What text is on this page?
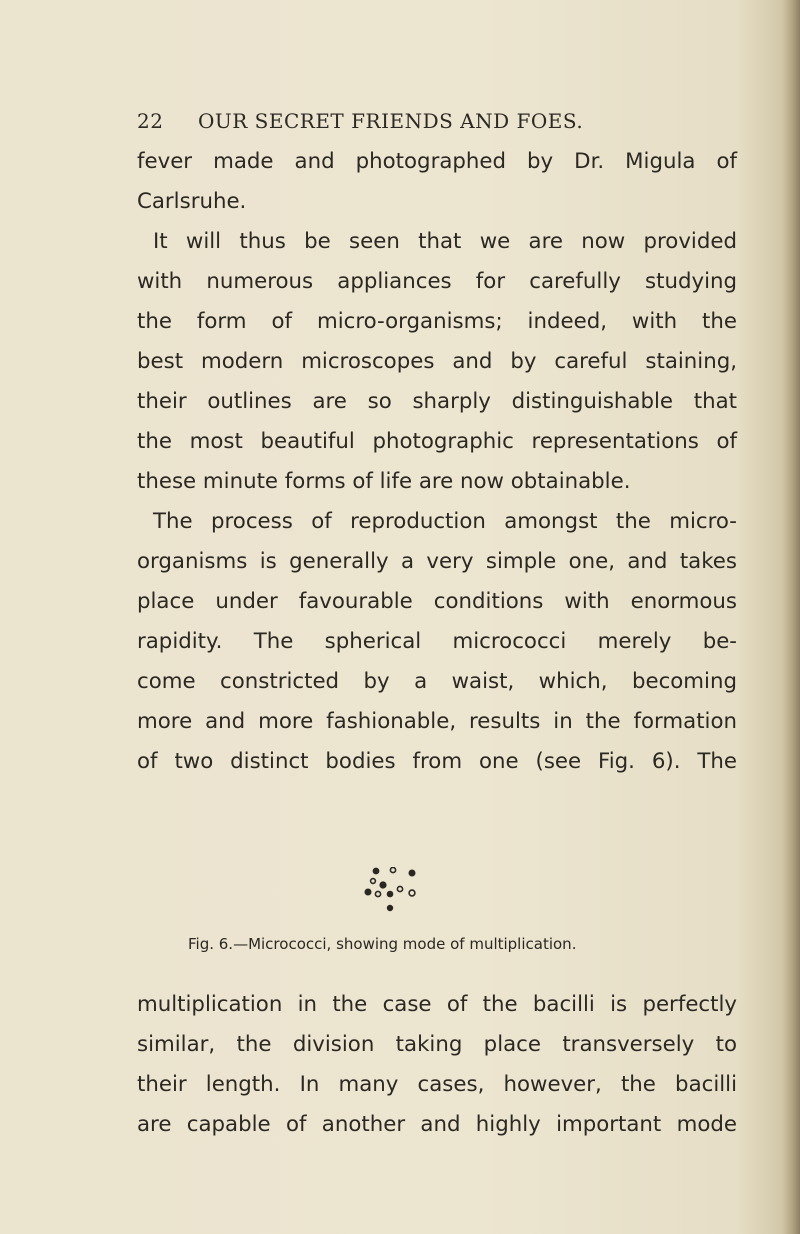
22 OUR SECRET FRIENDS AND FOES.
fever made and photographed by Dr. Migula of
Carlsruhe.
It will thus be seen that we are now provided
with numerous appliances for carefully studying
the form of micro-organisms; indeed, with the
best modern microscopes and by careful staining,
their outlines are so sharply distinguishable that
the most beautiful photographic representations of
these minute forms of life are now obtainable.
The process of reproduction amongst the micro-
organisms is generally a very simple one, and takes
place under favourable conditions with enormous
rapidity. The spherical micrococci merely be-
come constricted by a waist, which, becoming
more and more fashionable, results in the formation
of two distinct bodies from one (see Fig. 6). The
Fig. 6.—Micrococci, showing mode of multiplication.
multiplication in the case of the bacilli is perfectly
similar, the division taking place transversely to
their length. In many cases, however, the bacilli
are capable of another and highly important mode
